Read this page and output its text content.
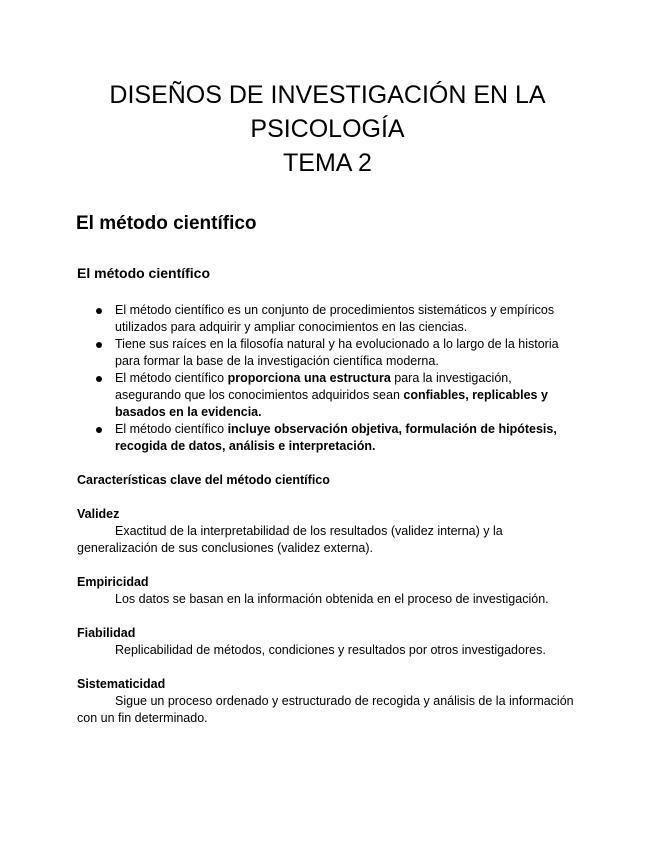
DISEÑOS DE INVESTIGACIÓN EN LA
PSICOLOGÍA
TEMA 2
El método científico
El método científico
El método científico es un conjunto de procedimientos sistemáticos y empíricos utilizados para adquirir y ampliar conocimientos en las ciencias.
Tiene sus raíces en la filosofía natural y ha evolucionado a lo largo de la historia para formar la base de la investigación científica moderna.
El método científico proporciona una estructura para la investigación, asegurando que los conocimientos adquiridos sean confiables, replicables y basados en la evidencia.
El método científico incluye observación objetiva, formulación de hipótesis, recogida de datos, análisis e interpretación.
Características clave del método científico
Validez
Exactitud de la interpretabilidad de los resultados (validez interna) y la generalización de sus conclusiones (validez externa).
Empiricidad
Los datos se basan en la información obtenida en el proceso de investigación.
Fiabilidad
Replicabilidad de métodos, condiciones y resultados por otros investigadores.
Sistematicidad
Sigue un proceso ordenado y estructurado de recogida y análisis de la información con un fin determinado.
